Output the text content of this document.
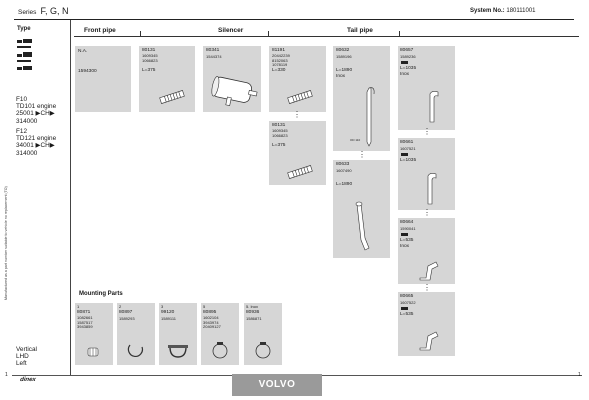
Series F, G, N	System No.: 180111001
Type
Manufactured as a part number suitable to vehicle no replacement (TO)
F10
TD101 engine
25001 ▶CH▶
314000
F12
TD121 engine
34001 ▶CH▶
314000
Vertical
LHD
Left
Front pipe	Silencer	Tail pipe
N.A.
1594300
80131
1609345
1066823
L=375
80341
1544374
81191
20442239
8152063
1078119
L=330
⋮
80131
1609345
1066823
L=375
80632
1589196
L=1890
Inox
OD 110
⋮
80633
1607490
L=1890
80657
1589236
L=1035
Inox
⋮
80661
1607521
L=1035
⋮
80664
1590041
L=535
Inox
⋮
80665
1607522
L=535
Mounting Parts
1
80871
1082661
1587517
3943859
2
80897
1589293
3
99120
1589111
5
80895
1602104
3943974
20409127
5. Inox
80936
1586871
dinex	VOLVO
1	1
